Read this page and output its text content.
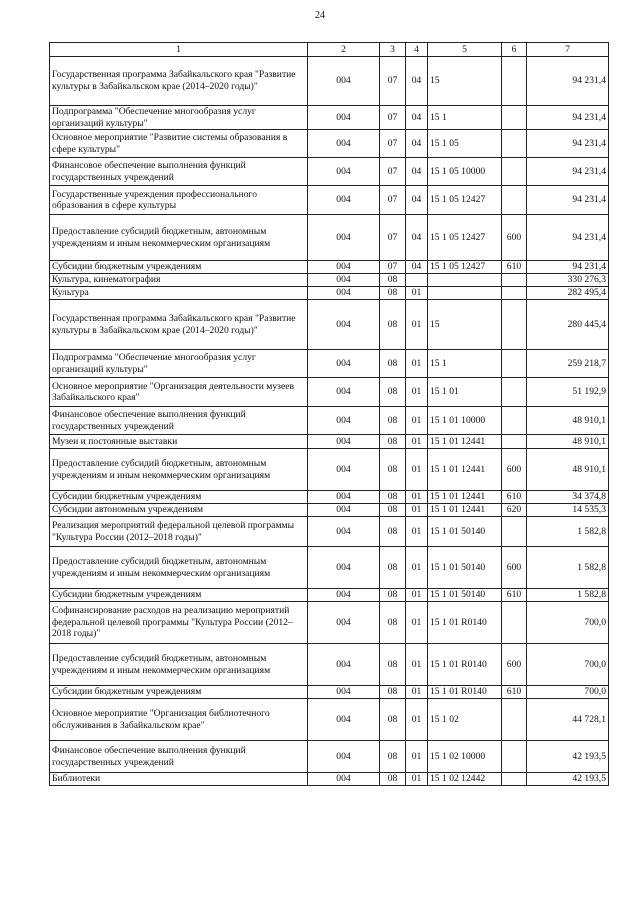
24
1	2	3	4	5	6	7
Государственная программа Забайкальского края "Развитие культуры в Забайкальском крае (2014–2020 годы)"	004	07	04	15		94 231,4
Подпрограмма "Обеспечение многообразия услуг организаций культуры"	004	07	04	15 1		94 231,4
Основное мероприятие "Развитие системы образования в сфере культуры"	004	07	04	15 1 05		94 231,4
Финансовое обеспечение выполнения функций государственных учреждений	004	07	04	15 1 05 10000		94 231,4
Государственные учреждения профессионального образования в сфере культуры	004	07	04	15 1 05 12427		94 231,4
Предоставление субсидий бюджетным, автономным учреждениям и иным некоммерческим организациям	004	07	04	15 1 05 12427	600	94 231,4
Субсидии бюджетным учреждениям	004	07	04	15 1 05 12427	610	94 231,4
Культура, кинематография	004	08				330 276,3
Культура	004	08	01			282 495,4
Государственная программа Забайкальского края "Развитие культуры в Забайкальском крае (2014–2020 годы)"	004	08	01	15		280 445,4
Подпрограмма "Обеспечение многообразия услуг организаций культуры"	004	08	01	15 1		259 218,7
Основное мероприятие "Организация деятельности музеев Забайкальского края"	004	08	01	15 1 01		51 192,9
Финансовое обеспечение выполнения функций государственных учреждений	004	08	01	15 1 01 10000		48 910,1
Музеи и постоянные выставки	004	08	01	15 1 01 12441		48 910,1
Предоставление субсидий бюджетным, автономным учреждениям и иным некоммерческим организациям	004	08	01	15 1 01 12441	600	48 910,1
Субсидии бюджетным учреждениям	004	08	01	15 1 01 12441	610	34 374,8
Субсидии автономным учреждениям	004	08	01	15 1 01 12441	620	14 535,3
Реализация мероприятий федеральной целевой программы "Культура России (2012–2018 годы)"	004	08	01	15 1 01 50140		1 582,8
Предоставление субсидий бюджетным, автономным учреждениям и иным некоммерческим организациям	004	08	01	15 1 01 50140	600	1 582,8
Субсидии бюджетным учреждениям	004	08	01	15 1 01 50140	610	1 582,8
Софинансирование расходов на реализацию мероприятий федеральной целевой программы "Культура России (2012–2018 годы)"	004	08	01	15 1 01 R0140		700,0
Предоставление субсидий бюджетным, автономным учреждениям и иным некоммерческим организациям	004	08	01	15 1 01 R0140	600	700,0
Субсидии бюджетным учреждениям	004	08	01	15 1 01 R0140	610	700,0
Основное мероприятие "Организация библиотечного обслуживания в Забайкальском крае"	004	08	01	15 1 02		44 728,1
Финансовое обеспечение выполнения функций государственных учреждений	004	08	01	15 1 02 10000		42 193,5
Библиотеки	004	08	01	15 1 02 12442		42 193,5
